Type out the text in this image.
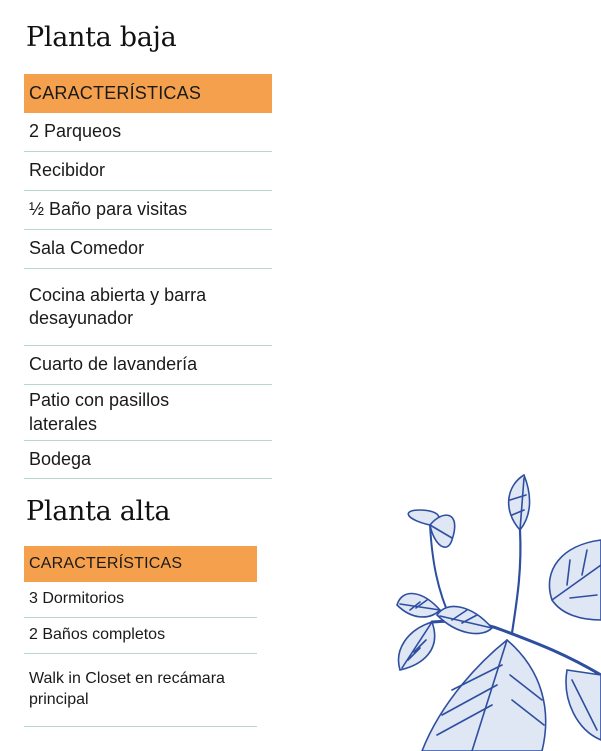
Planta baja
CARACTERÍSTICAS
2 Parqueos
Recibidor
½ Baño para visitas
Sala Comedor
Cocina abierta y barra desayunador
Cuarto de lavandería
Patio con pasillos laterales
Bodega
Planta alta
CARACTERÍSTICAS
3 Dormitorios
2 Baños completos
Walk in Closet en recámara principal
